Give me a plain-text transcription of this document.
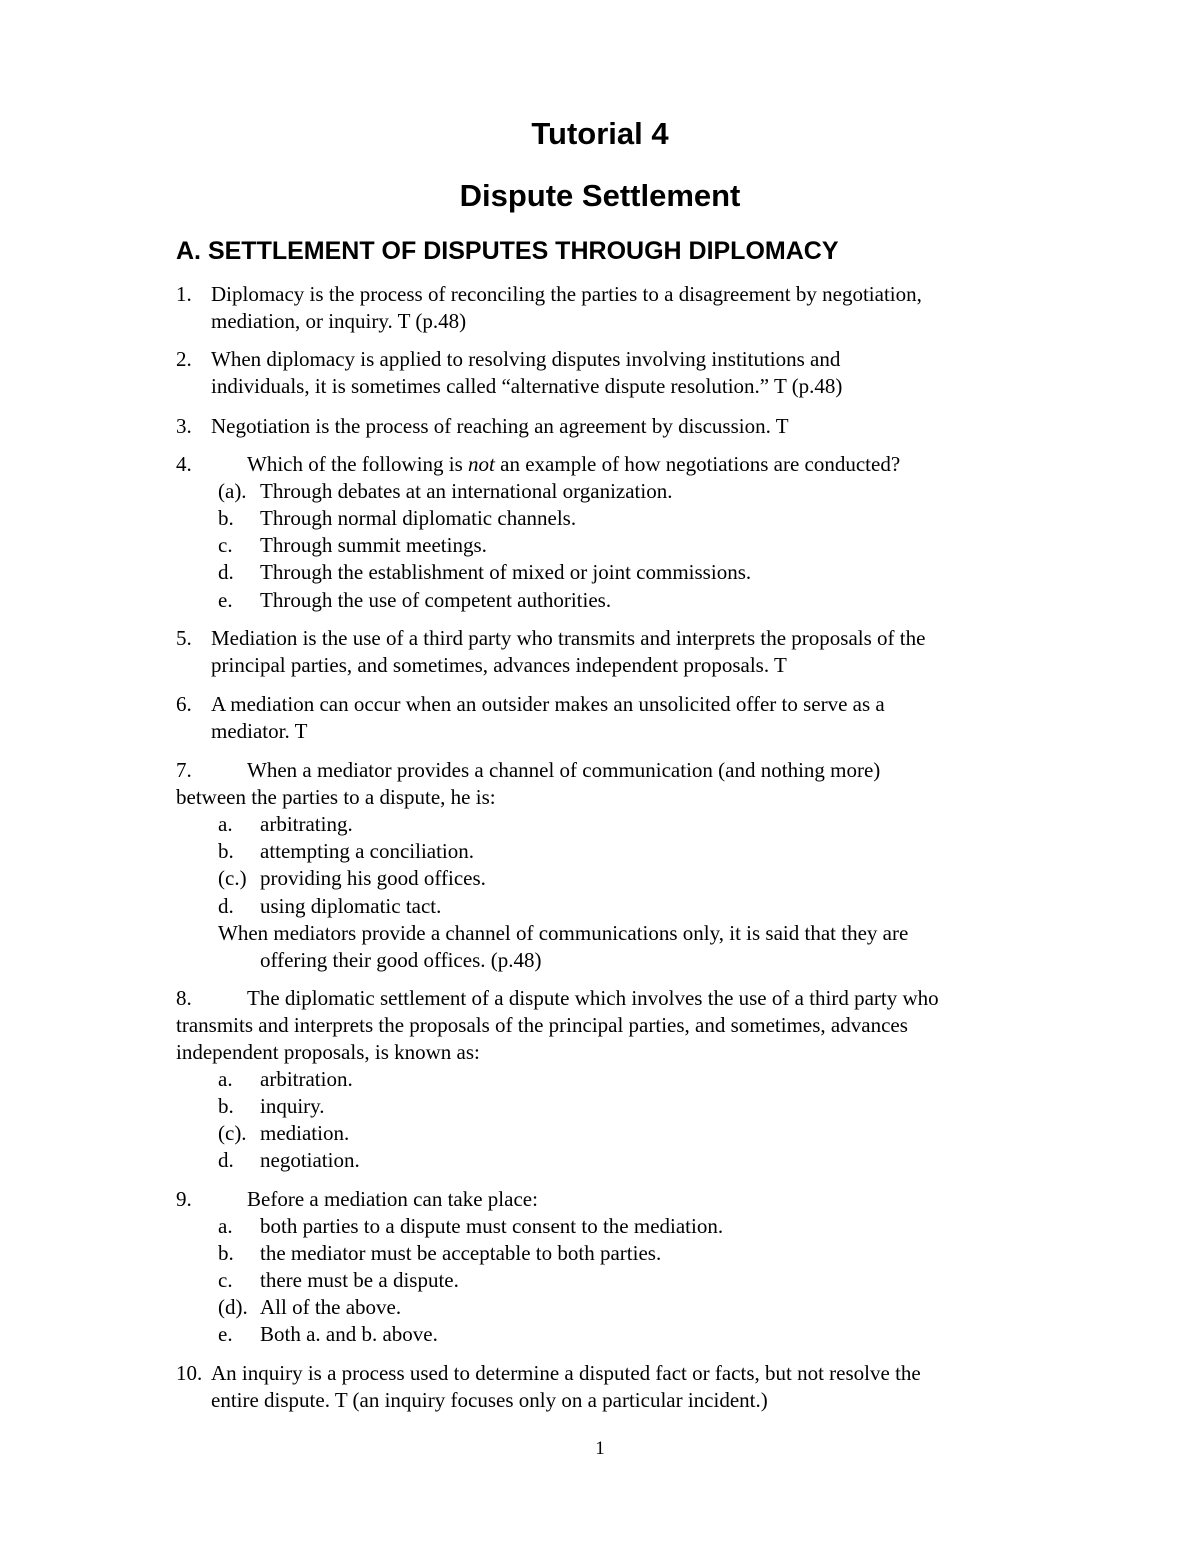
Tutorial 4
Dispute Settlement
A. SETTLEMENT OF DISPUTES THROUGH DIPLOMACY
1. Diplomacy is the process of reconciling the parties to a disagreement by negotiation,
mediation, or inquiry. T (p.48)
2. When diplomacy is applied to resolving disputes involving institutions and
individuals, it is sometimes called “alternative dispute resolution.” T (p.48)
3. Negotiation is the process of reaching an agreement by discussion. T
4.	Which of the following is not an example of how negotiations are conducted?
(a). Through debates at an international organization.
b. Through normal diplomatic channels.
c. Through summit meetings.
d. Through the establishment of mixed or joint commissions.
e. Through the use of competent authorities.
5. Mediation is the use of a third party who transmits and interprets the proposals of the
principal parties, and sometimes, advances independent proposals. T
6. A mediation can occur when an outsider makes an unsolicited offer to serve as a
mediator. T
7.	When a mediator provides a channel of communication (and nothing more)
between the parties to a dispute, he is:
a. arbitrating.
b. attempting a conciliation.
(c.) providing his good offices.
d. using diplomatic tact.
When mediators provide a channel of communications only, it is said that they are
offering their good offices. (p.48)
8.	The diplomatic settlement of a dispute which involves the use of a third party who
transmits and interprets the proposals of the principal parties, and sometimes, advances
independent proposals, is known as:
a. arbitration.
b. inquiry.
(c). mediation.
d. negotiation.
9.	Before a mediation can take place:
a. both parties to a dispute must consent to the mediation.
b. the mediator must be acceptable to both parties.
c. there must be a dispute.
(d). All of the above.
e. Both a. and b. above.
10. An inquiry is a process used to determine a disputed fact or facts, but not resolve the
entire dispute. T (an inquiry focuses only on a particular incident.)
1
